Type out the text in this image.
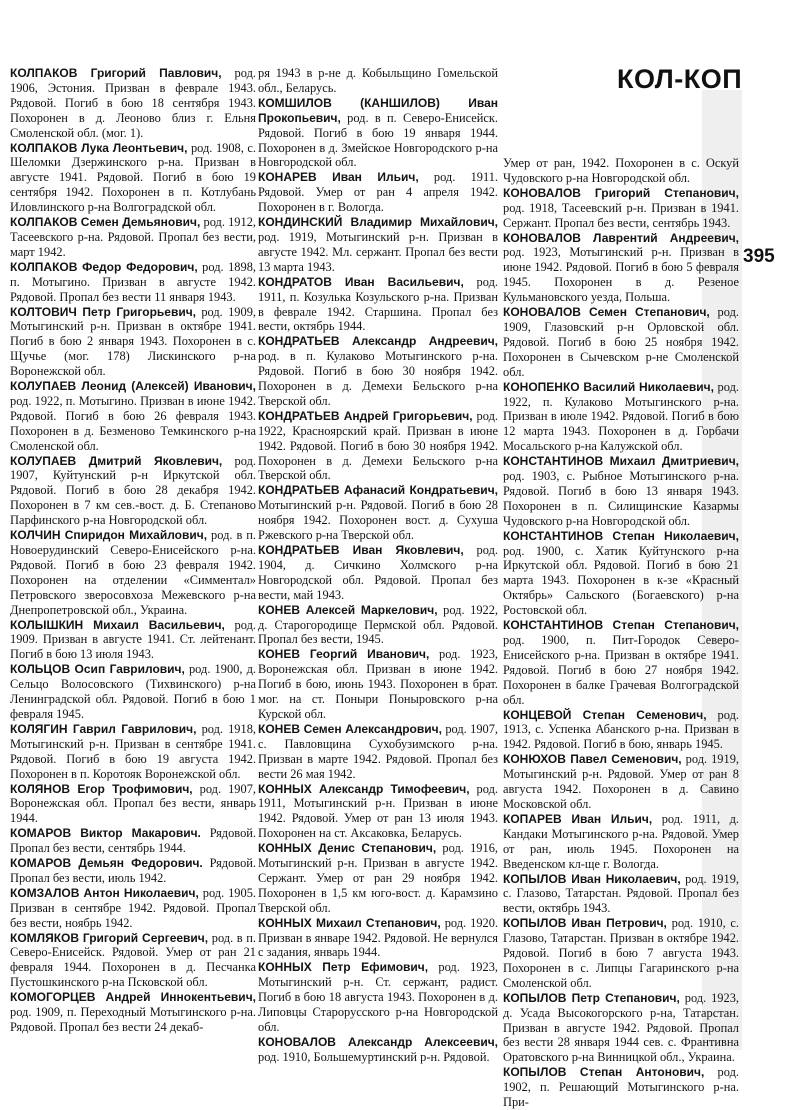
КОЛ-КОП
395

КОЛПАКОВ Григорий Павлович, род. 1906, Эстония. Призван в феврале 1943. Рядовой. Погиб в бою 18 сентября 1943. Похоронен в д. Леоново близ г. Ельня Смоленской обл. (мог. 1).

КОЛПАКОВ Лука Леонтьевич, род. 1908, с. Шеломки Дзержинского р-на. Призван в августе 1941. Рядовой. Погиб в бою 19 сентября 1942. Похоронен в п. Котлубань Иловлинского р-на Волгоградской обл.

КОЛПАКОВ Семен Демьянович, род. 1912, Тасеевского р-на. Рядовой. Пропал без вести, март 1942.

КОЛПАКОВ Федор Федорович, род. 1898, п. Мотыгино. Призван в августе 1942. Рядовой. Пропал без вести 11 января 1943.

КОЛТОВИЧ Петр Григорьевич, род. 1909, Мотыгинский р-н. Призван в октябре 1941. Погиб в бою 2 января 1943. Похоронен в с. Щучье (мог. 178) Лискинского р-на Воронежской обл.

КОЛУПАЕВ Леонид (Алексей) Иванович, род. 1922, п. Мотыгино. Призван в июне 1942. Рядовой. Погиб в бою 26 февраля 1943. Похоронен в д. Безменово Темкинского р-на Смоленской обл.

КОЛУПАЕВ Дмитрий Яковлевич, род. 1907, Куйтунский р-н Иркутской обл. Рядовой. Погиб в бою 28 декабря 1942. Похоронен в 7 км сев.-вост. д. Б. Степаново Парфинского р-на Новгородской обл.

КОЛЧИН Спиридон Михайлович, род. в п. Новоерудинский Северо-Енисейского р-на. Рядовой. Погиб в бою 23 февраля 1942. Похоронен на отделении «Симментал» Петровского зверосовхоза Межевского р-на Днепропетровской обл., Украина.

КОЛЫШКИН Михаил Васильевич, род. 1909. Призван в августе 1941. Ст. лейтенант. Погиб в бою 13 июля 1943.

КОЛЬЦОВ Осип Гаврилович, род. 1900, д. Сельцо Волосовского (Тихвинского) р-на Ленинградской обл. Рядовой. Погиб в бою 1 февраля 1945.

КОЛЯГИН Гаврил Гаврилович, род. 1918, Мотыгинский р-н. Призван в сентябре 1941. Рядовой. Погиб в бою 19 августа 1942. Похоронен в п. Коротояк Воронежской обл.

КОЛЯНОВ Егор Трофимович, род. 1907, Воронежская обл. Пропал без вести, январь 1944.

КОМАРОВ Виктор Макарович. Рядовой. Пропал без вести, сентябрь 1944.

КОМАРОВ Демьян Федорович. Рядовой. Пропал без вести, июль 1942.

КОМЗАЛОВ Антон Николаевич, род. 1905. Призван в сентябре 1942. Рядовой. Пропал без вести, ноябрь 1942.

КОМЛЯКОВ Григорий Сергеевич, род. в п. Северо-Енисейск. Рядовой. Умер от ран 21 февраля 1944. Похоронен в д. Песчанка Пустошкинского р-на Псковской обл.

КОМОГОРЦЕВ Андрей Иннокентьевич, род. 1909, п. Переходный Мотыгинского р-на. Рядовой. Пропал без вести 24 декаб-

ря 1943 в р-не д. Кобыльщино Гомельской обл., Беларусь.

КОМШИЛОВ (КАНШИЛОВ) Иван Прокопьевич, род. в п. Северо-Енисейск. Рядовой. Погиб в бою 19 января 1944. Похоронен в д. Змейское Новгородского р-на Новгородской обл.

КОНАРЕВ Иван Ильич, род. 1911. Рядовой. Умер от ран 4 апреля 1942. Похоронен в г. Вологда.

КОНДИНСКИЙ Владимир Михайлович, род. 1919, Мотыгинский р-н. Призван в августе 1942. Мл. сержант. Пропал без вести 13 марта 1943.

КОНДРАТОВ Иван Васильевич, род. 1911, п. Козулька Козульского р-на. Призван в феврале 1942. Старшина. Пропал без вести, октябрь 1944.

КОНДРАТЬЕВ Александр Андреевич, род. в п. Кулаково Мотыгинского р-на. Рядовой. Погиб в бою 30 ноября 1942. Похоронен в д. Демехи Бельского р-на Тверской обл.

КОНДРАТЬЕВ Андрей Григорьевич, род. 1922, Красноярский край. Призван в июне 1942. Рядовой. Погиб в бою 30 ноября 1942. Похоронен в д. Демехи Бельского р-на Тверской обл.

КОНДРАТЬЕВ Афанасий Кондратьевич, Мотыгинский р-н. Рядовой. Погиб в бою 28 ноября 1942. Похоронен вост. д. Сухуша Ржевского р-на Тверской обл.

КОНДРАТЬЕВ Иван Яковлевич, род. 1904, д. Сичкино Холмского р-на Новгородской обл. Рядовой. Пропал без вести, май 1943.

КОНЕВ Алексей Маркелович, род. 1922, д. Старогородище Пермской обл. Рядовой. Пропал без вести, 1945.

КОНЕВ Георгий Иванович, род. 1923, Воронежская обл. Призван в июне 1942. Погиб в бою, июнь 1943. Похоронен в брат. мог. на ст. Поныри Поныровского р-на Курской обл.

КОНЕВ Семен Александрович, род. 1907, с. Павловщина Сухобузимского р-на. Призван в марте 1942. Рядовой. Пропал без вести 26 мая 1942.

КОННЫХ Александр Тимофеевич, род. 1911, Мотыгинский р-н. Призван в июне 1942. Рядовой. Умер от ран 13 июля 1943. Похоронен на ст. Аксаковка, Беларусь.

КОННЫХ Денис Степанович, род. 1916, Мотыгинский р-н. Призван в августе 1942. Сержант. Умер от ран 29 ноября 1942. Похоронен в 1,5 км юго-вост. д. Карамзино Тверской обл.

КОННЫХ Михаил Степанович, род. 1920. Призван в январе 1942. Рядовой. Не вернулся с задания, январь 1944.

КОННЫХ Петр Ефимович, род. 1923, Мотыгинский р-н. Ст. сержант, радист. Погиб в бою 18 августа 1943. Похоронен в д. Липовцы Старорусского р-на Новгородской обл.

КОНОВАЛОВ Александр Алексеевич, род. 1910, Большемуртинский р-н. Рядовой.

Умер от ран, 1942. Похоронен в с. Оскуй Чудовского р-на Новгородской обл.

КОНОВАЛОВ Григорий Степанович, род. 1918, Тасеевский р-н. Призван в 1941. Сержант. Пропал без вести, сентябрь 1943.

КОНОВАЛОВ Лаврентий Андреевич, род. 1923, Мотыгинский р-н. Призван в июне 1942. Рядовой. Погиб в бою 5 февраля 1945. Похоронен в д. Резеное Кульмановского уезда, Польша.

КОНОВАЛОВ Семен Степанович, род. 1909, Глазовский р-н Орловской обл. Рядовой. Погиб в бою 25 ноября 1942. Похоронен в Сычевском р-не Смоленской обл.

КОНОПЕНКО Василий Николаевич, род. 1922, п. Кулаково Мотыгинского р-на. Призван в июле 1942. Рядовой. Погиб в бою 12 марта 1943. Похоронен в д. Горбачи Мосальского р-на Калужской обл.

КОНСТАНТИНОВ Михаил Дмитриевич, род. 1903, с. Рыбное Мотыгинского р-на. Рядовой. Погиб в бою 13 января 1943. Похоронен в п. Силищинские Казармы Чудовского р-на Новгородской обл.

КОНСТАНТИНОВ Степан Николаевич, род. 1900, с. Хатик Куйтунского р-на Иркутской обл. Рядовой. Погиб в бою 21 марта 1943. Похоронен в к-зе «Красный Октябрь» Сальского (Богаевского) р-на Ростовской обл.

КОНСТАНТИНОВ Степан Степанович, род. 1900, п. Пит-Городок Северо-Енисейского р-на. Призван в октябре 1941. Рядовой. Погиб в бою 27 ноября 1942. Похоронен в балке Грачевая Волгоградской обл.

КОНЦЕВОЙ Степан Семенович, род. 1913, с. Успенка Абанского р-на. Призван в 1942. Рядовой. Погиб в бою, январь 1945.

КОНЮХОВ Павел Семенович, род. 1919, Мотыгинский р-н. Рядовой. Умер от ран 8 августа 1942. Похоронен в д. Савино Московской обл.

КОПАРЕВ Иван Ильич, род. 1911, д. Кандаки Мотыгинского р-на. Рядовой. Умер от ран, июль 1945. Похоронен на Введенском кл-ще г. Вологда.

КОПЫЛОВ Иван Николаевич, род. 1919, с. Глазово, Татарстан. Рядовой. Пропал без вести, октябрь 1943.

КОПЫЛОВ Иван Петрович, род. 1910, с. Глазово, Татарстан. Призван в октябре 1942. Рядовой. Погиб в бою 7 августа 1943. Похоронен в с. Липцы Гагаринского р-на Смоленской обл.

КОПЫЛОВ Петр Степанович, род. 1923, д. Усада Высокогорского р-на, Татарстан. Призван в августе 1942. Рядовой. Пропал без вести 28 января 1944 сев. с. Франтивна Оратовского р-на Винницкой обл., Украина.

КОПЫЛОВ Степан Антонович, род. 1902, п. Решающий Мотыгинского р-на. При-
